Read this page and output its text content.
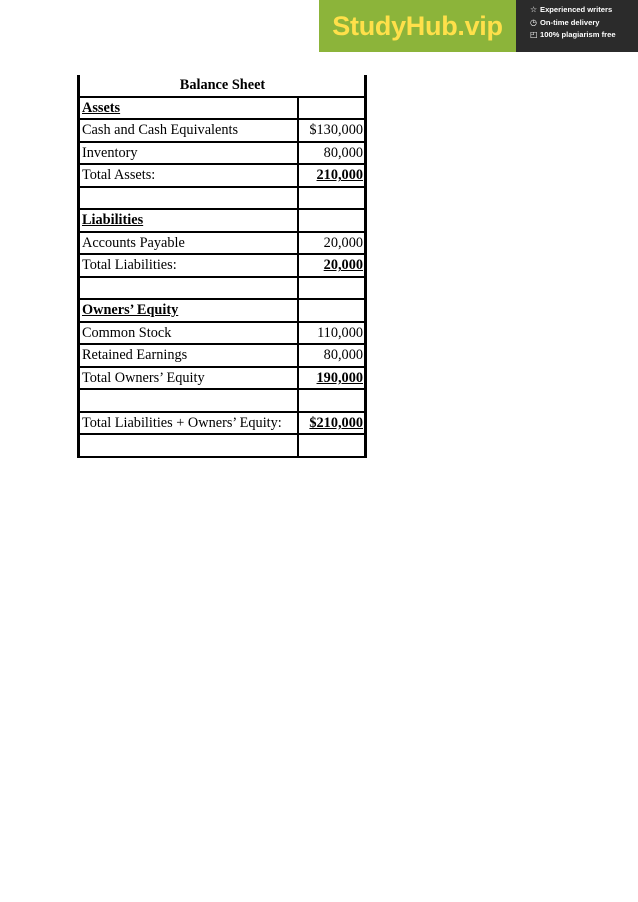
StudyHub.vip
☆ Experienced writers
◷ On-time delivery
◰ 100% plagiarism free
Balance Sheet	
Assets	
Cash and Cash Equivalents	$130,000
Inventory	80,000
Total Assets:	210,000

Liabilities	
Accounts Payable	20,000
Total Liabilities:	20,000

Owners’ Equity	
Common Stock	110,000
Retained Earnings	80,000
Total Owners’ Equity	190,000

Total Liabilities + Owners’ Equity:	$210,000
